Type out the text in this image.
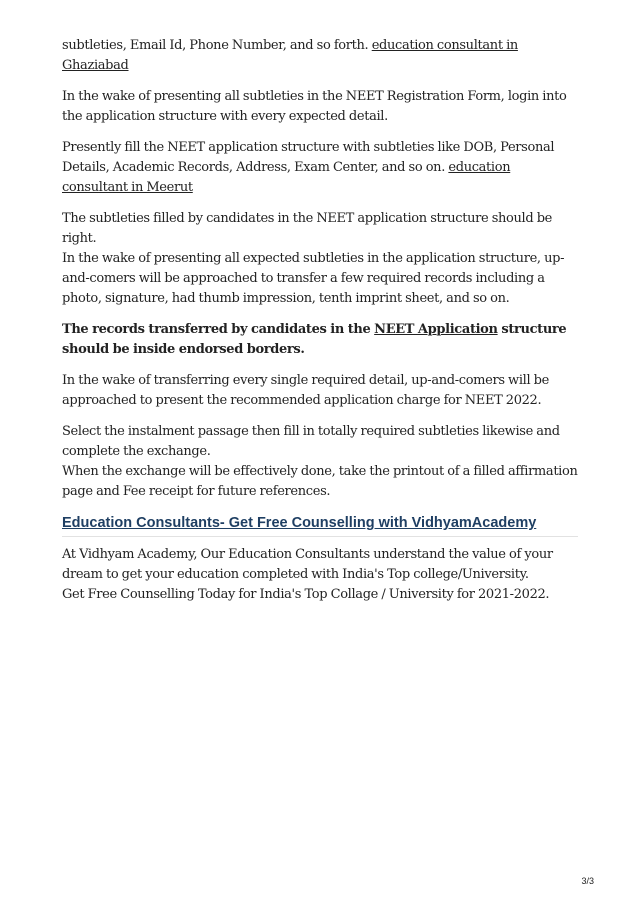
subtleties, Email Id, Phone Number, and so forth. education consultant in Ghaziabad

In the wake of presenting all subtleties in the NEET Registration Form, login into the application structure with every expected detail.

Presently fill the NEET application structure with subtleties like DOB, Personal Details, Academic Records, Address, Exam Center, and so on. education consultant in Meerut

The subtleties filled by candidates in the NEET application structure should be right.
In the wake of presenting all expected subtleties in the application structure, up-and-comers will be approached to transfer a few required records including a photo, signature, had thumb impression, tenth imprint sheet, and so on.

The records transferred by candidates in the NEET Application structure should be inside endorsed borders.

In the wake of transferring every single required detail, up-and-comers will be approached to present the recommended application charge for NEET 2022.

Select the instalment passage then fill in totally required subtleties likewise and complete the exchange.
When the exchange will be effectively done, take the printout of a filled affirmation page and Fee receipt for future references.

Education Consultants- Get Free Counselling with VidhyamAcademy

At Vidhyam Academy, Our Education Consultants understand the value of your dream to get your education completed with India's Top college/University.
Get Free Counselling Today for India's Top Collage / University for 2021-2022.

3/3
